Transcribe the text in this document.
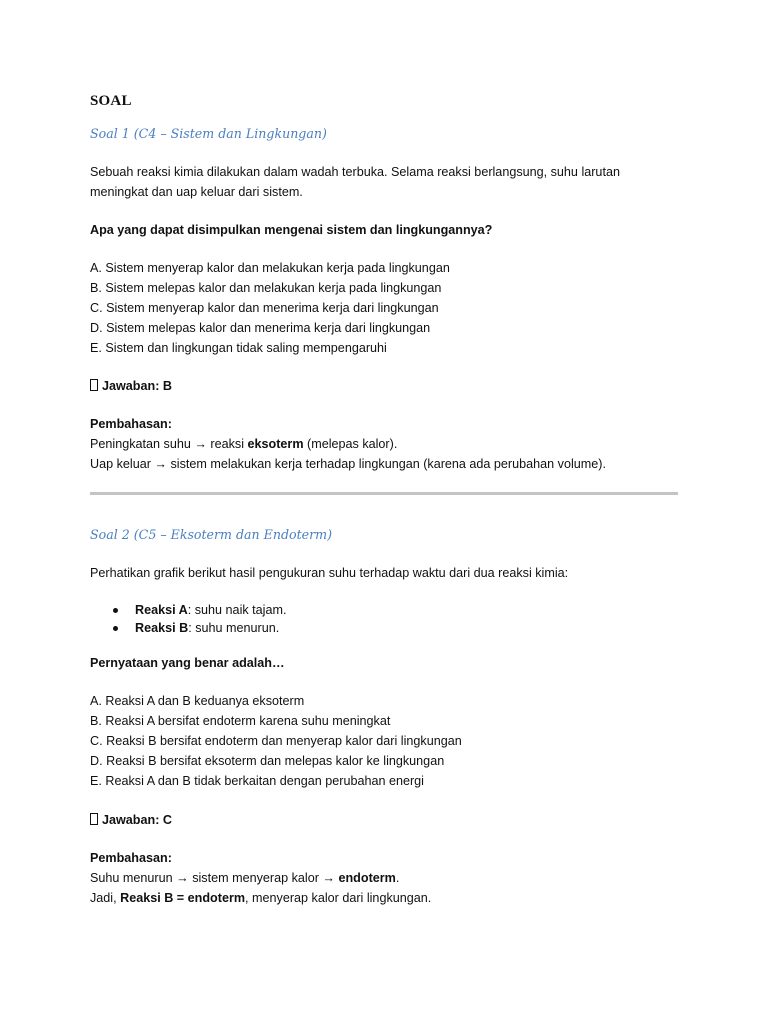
SOAL
Soal 1 (C4 – Sistem dan Lingkungan)

Sebuah reaksi kimia dilakukan dalam wadah terbuka. Selama reaksi berlangsung, suhu larutan

meningkat dan uap keluar dari sistem.

Apa yang dapat disimpulkan mengenai sistem dan lingkungannya?

A. Sistem menyerap kalor dan melakukan kerja pada lingkungan

B. Sistem melepas kalor dan melakukan kerja pada lingkungan

C. Sistem menyerap kalor dan menerima kerja dari lingkungan

D. Sistem melepas kalor dan menerima kerja dari lingkungan

E. Sistem dan lingkungan tidak saling mempengaruhi

Jawaban: B

Pembahasan:

Peningkatan suhu → reaksi eksoterm (melepas kalor).

Uap keluar → sistem melakukan kerja terhadap lingkungan (karena ada perubahan volume).

Soal 2 (C5 – Eksoterm dan Endoterm)
Perhatikan grafik berikut hasil pengukuran suhu terhadap waktu dari dua reaksi kimia:
Reaksi A: suhu naik tajam.
Reaksi B: suhu menurun.
Pernyataan yang benar adalah…

A. Reaksi A dan B keduanya eksoterm

B. Reaksi A bersifat endoterm karena suhu meningkat

C. Reaksi B bersifat endoterm dan menyerap kalor dari lingkungan

D. Reaksi B bersifat eksoterm dan melepas kalor ke lingkungan

E. Reaksi A dan B tidak berkaitan dengan perubahan energi

Jawaban: C

Pembahasan:

Suhu menurun → sistem menyerap kalor → endoterm.

Jadi, Reaksi B = endoterm, menyerap kalor dari lingkungan.
